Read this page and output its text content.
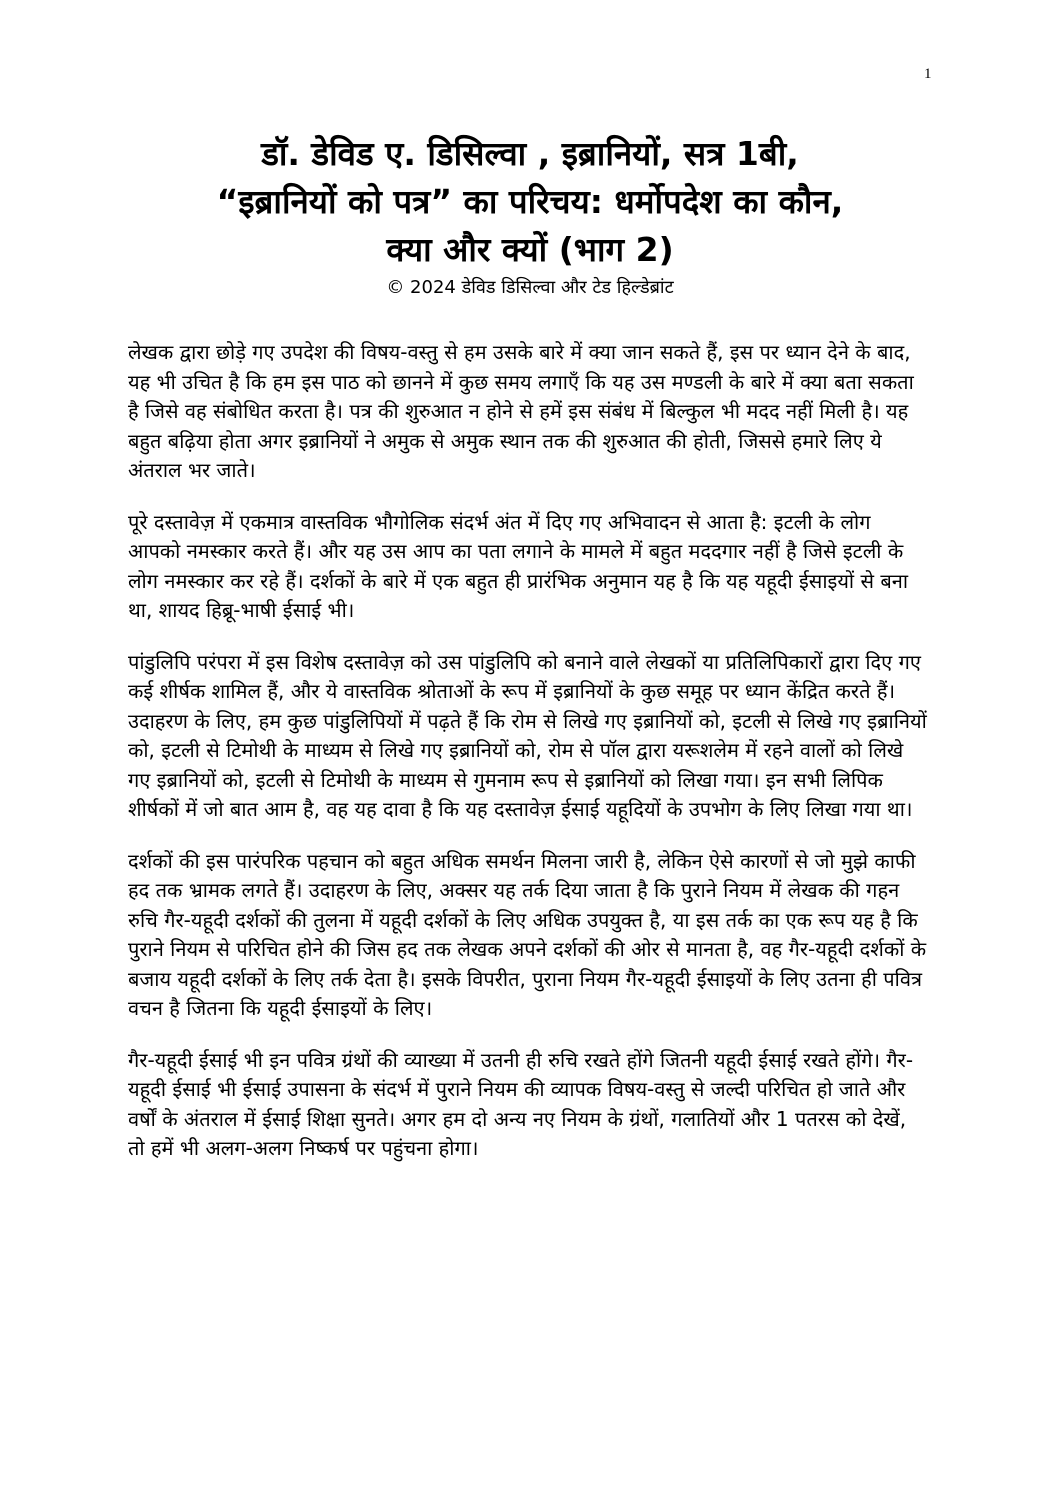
1
डॉ. डेविड ए. डिसिल्वा , इब्रानियों, सत्र 1बी,
“इब्रानियों को पत्र” का परिचय: धर्मोपदेश का कौन,
क्या और क्यों (भाग 2)
© 2024 डेविड डिसिल्वा और टेड हिल्डेब्रांट

लेखक द्वारा छोड़े गए उपदेश की विषय-वस्तु से हम उसके बारे में क्या जान सकते हैं, इस पर ध्यान देने के बाद, यह भी उचित है कि हम इस पाठ को छानने में कुछ समय लगाएँ कि यह उस मण्डली के बारे में क्या बता सकता है जिसे वह संबोधित करता है। पत्र की शुरुआत न होने से हमें इस संबंध में बिल्कुल भी मदद नहीं मिली है। यह बहुत बढ़िया होता अगर इब्रानियों ने अमुक से अमुक स्थान तक की शुरुआत की होती, जिससे हमारे लिए ये अंतराल भर जाते।

पूरे दस्तावेज़ में एकमात्र वास्तविक भौगोलिक संदर्भ अंत में दिए गए अभिवादन से आता है: इटली के लोग आपको नमस्कार करते हैं। और यह उस आप का पता लगाने के मामले में बहुत मददगार नहीं है जिसे इटली के लोग नमस्कार कर रहे हैं। दर्शकों के बारे में एक बहुत ही प्रारंभिक अनुमान यह है कि यह यहूदी ईसाइयों से बना था, शायद हिब्रू-भाषी ईसाई भी।

पांडुलिपि परंपरा में इस विशेष दस्तावेज़ को उस पांडुलिपि को बनाने वाले लेखकों या प्रतिलिपिकारों द्वारा दिए गए कई शीर्षक शामिल हैं, और ये वास्तविक श्रोताओं के रूप में इब्रानियों के कुछ समूह पर ध्यान केंद्रित करते हैं। उदाहरण के लिए, हम कुछ पांडुलिपियों में पढ़ते हैं कि रोम से लिखे गए इब्रानियों को, इटली से लिखे गए इब्रानियों को, इटली से टिमोथी के माध्यम से लिखे गए इब्रानियों को, रोम से पॉल द्वारा यरूशलेम में रहने वालों को लिखे गए इब्रानियों को, इटली से टिमोथी के माध्यम से गुमनाम रूप से इब्रानियों को लिखा गया। इन सभी लिपिक शीर्षकों में जो बात आम है, वह यह दावा है कि यह दस्तावेज़ ईसाई यहूदियों के उपभोग के लिए लिखा गया था।

दर्शकों की इस पारंपरिक पहचान को बहुत अधिक समर्थन मिलना जारी है, लेकिन ऐसे कारणों से जो मुझे काफी हद तक भ्रामक लगते हैं। उदाहरण के लिए, अक्सर यह तर्क दिया जाता है कि पुराने नियम में लेखक की गहन रुचि गैर-यहूदी दर्शकों की तुलना में यहूदी दर्शकों के लिए अधिक उपयुक्त है, या इस तर्क का एक रूप यह है कि पुराने नियम से परिचित होने की जिस हद तक लेखक अपने दर्शकों की ओर से मानता है, वह गैर-यहूदी दर्शकों के बजाय यहूदी दर्शकों के लिए तर्क देता है। इसके विपरीत, पुराना नियम गैर-यहूदी ईसाइयों के लिए उतना ही पवित्र वचन है जितना कि यहूदी ईसाइयों के लिए।

गैर-यहूदी ईसाई भी इन पवित्र ग्रंथों की व्याख्या में उतनी ही रुचि रखते होंगे जितनी यहूदी ईसाई रखते होंगे। गैर-यहूदी ईसाई भी ईसाई उपासना के संदर्भ में पुराने नियम की व्यापक विषय-वस्तु से जल्दी परिचित हो जाते और वर्षों के अंतराल में ईसाई शिक्षा सुनते। अगर हम दो अन्य नए नियम के ग्रंथों, गलातियों और 1 पतरस को देखें, तो हमें भी अलग-अलग निष्कर्ष पर पहुंचना होगा।
